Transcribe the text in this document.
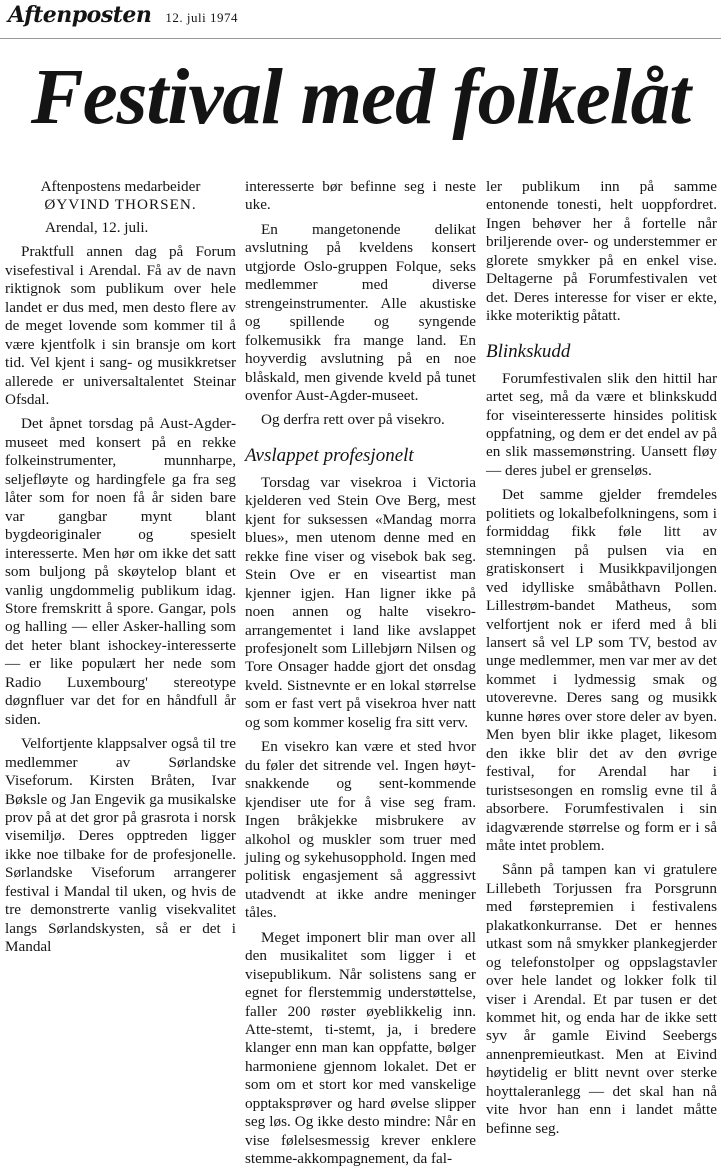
Aftenposten 12. juli 1974
Festival med folkelåt
Aftenpostens medarbeider
ØYVIND THORSEN.

Arendal, 12. juli.

Praktfull annen dag på Forum visefestival i Arendal. Få av de navn riktignok som publikum over hele landet er dus med, men desto flere av de meget lovende som kommer til å være kjentfolk i sin bransje om kort tid. Vel kjent i sang- og musikkretser allerede er universaltalentet Steinar Ofsdal.

Det åpnet torsdag på Aust-Agder-museet med konsert på en rekke folkeinstrumenter, munnharpe, seljefløyte og hardingfele ga fra seg låter som for noen få år siden bare var gangbar mynt blant bygdeoriginaler og spesielt interesserte. Men hør om ikke det satt som buljong på skøytelop blant et vanlig ungdommelig publikum idag. Store fremskritt å spore. Gangar, pols og halling — eller Asker-halling som det heter blant ishockey-interesserte — er like populært her nede som Radio Luxembourg' stereotype døgnfluer var det for en håndfull år siden.

Velfortjente klappsalver også til tre medlemmer av Sørlandske Viseforum. Kirsten Bråten, Ivar Bøksle og Jan Engevik ga musikalske prov på at det gror på grasrota i norsk visemiljø. Deres opptreden ligger ikke noe tilbake for de profesjonelle. Sørlandske Viseforum arrangerer festival i Mandal til uken, og hvis de tre demonstrerte vanlig visekvalitet langs Sørlandskysten, så er det i Mandal

interesserte bør befinne seg i neste uke.

En mangetonende delikat avslutning på kveldens konsert utgjorde Oslo-gruppen Folque, seks medlemmer med diverse strengeinstrumenter. Alle akustiske og spillende og syngende folkemusikk fra mange land. En hoyverdig avslutning på en noe blåskald, men givende kveld på tunet ovenfor Aust-Agder-museet.

Og derfra rett over på visekro.

Avslappet profesjonelt

Torsdag var visekroa i Victoria kjelderen ved Stein Ove Berg, mest kjent for suksessen «Mandag morra blues», men utenom denne med en rekke fine viser og visebok bak seg. Stein Ove er en viseartist man kjenner igjen. Han ligner ikke på noen annen og halte visekro-arrangementet i land like avslappet profesjonelt som Lillebjørn Nilsen og Tore Onsager hadde gjort det onsdag kveld. Sistnevnte er en lokal størrelse som er fast vert på visekroa hver natt og som kommer koselig fra sitt verv.

En visekro kan være et sted hvor du føler det sitrende vel. Ingen høyt-snakkende og sent-kommende kjendiser ute for å vise seg fram. Ingen bråkjekke misbrukere av alkohol og muskler som truer med juling og sykehusopphold. Ingen med politisk engasjement så aggressivt utadvendt at ikke andre meninger tåles.

Meget imponert blir man over all den musikalitet som ligger i et visepublikum. Når solistens sang er egnet for flerstemmig understøttelse, faller 200 røster øyeblikkelig inn. Atte-stemt, ti-stemt, ja, i bredere klanger enn man kan oppfatte, bølger harmoniene gjennom lokalet. Det er som om et stort kor med vanskelige opptaksprøver og hard øvelse slipper seg løs. Og ikke desto mindre: Når en vise følelsesmessig krever enklere stemme-akkompagnement, da fal-

ler publikum inn på samme entonende tonesti, helt uoppfordret. Ingen behøver her å fortelle når briljerende over- og understemmer er glorete smykker på en enkel vise. Deltagerne på Forumfestivalen vet det. Deres interesse for viser er ekte, ikke moteriktig påtatt.

Blinkskudd

Forumfestivalen slik den hittil har artet seg, må da være et blinkskudd for viseinteresserte hinsides politisk oppfatning, og dem er det endel av på en slik massemønstring. Uansett fløy — deres jubel er grenseløs.

Det samme gjelder fremdeles politiets og lokalbefolkningens, som i formiddag fikk føle litt av stemningen på pulsen via en gratiskonsert i Musikkpaviljongen ved idylliske småbåthavn Pollen. Lillestrøm-bandet Matheus, som velfortjent nok er iferd med å bli lansert så vel LP som TV, bestod av unge medlemmer, men var mer av det kommet i lydmessig smak og utoverevne. Deres sang og musikk kunne høres over store deler av byen. Men byen blir ikke plaget, likesom den ikke blir det av den øvrige festival, for Arendal har i turistsesongen en romslig evne til å absorbere. Forumfestivalen i sin idagværende størrelse og form er i så måte intet problem.

Sånn på tampen kan vi gratulere Lillebeth Torjussen fra Porsgrunn med førstepremien i festivalens plakatkonkurranse. Det er hennes utkast som nå smykker plankegjerder og telefonstolper og oppslagstavler over hele landet og lokker folk til viser i Arendal. Et par tusen er det kommet hit, og enda har de ikke sett syv år gamle Eivind Seebergs annenpremieutkast. Men at Eivind høytidelig er blitt nevnt over sterke hoyttaleranlegg — det skal han nå vite hvor han enn i landet måtte befinne seg.
